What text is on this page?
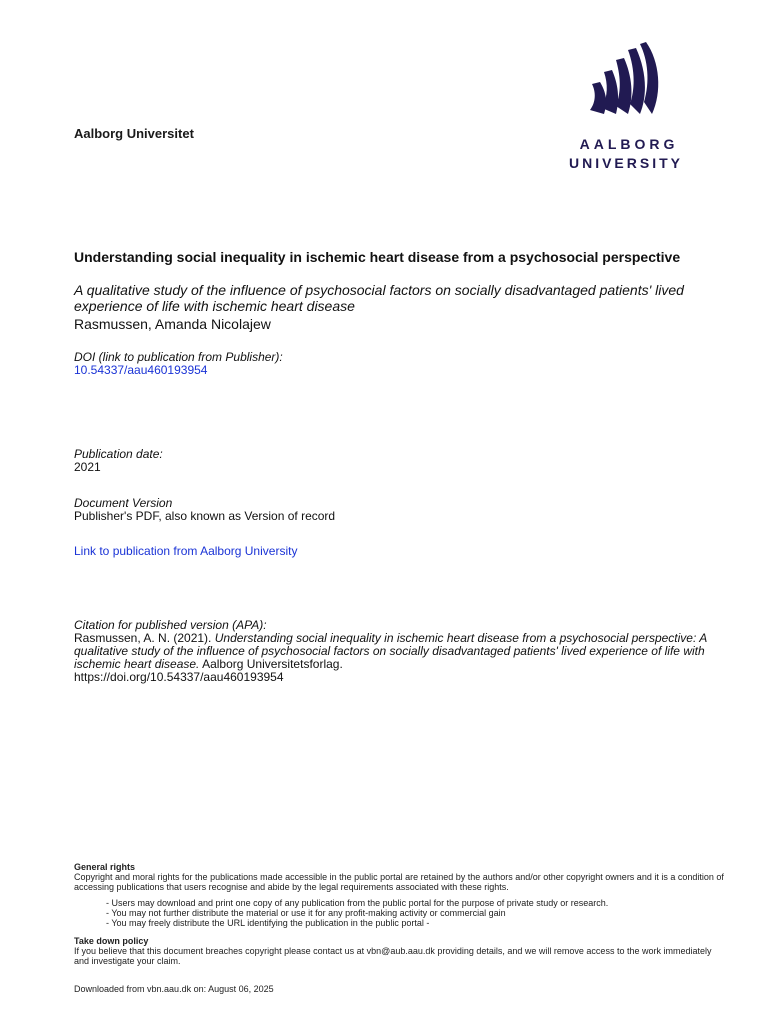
Aalborg Universitet
AALBORG
UNIVERSITY
Understanding social inequality in ischemic heart disease from a psychosocial perspective
A qualitative study of the influence of psychosocial factors on socially disadvantaged patients' lived experience of life with ischemic heart disease
Rasmussen, Amanda Nicolajew
DOI (link to publication from Publisher):
10.54337/aau460193954
Publication date:
2021
Document Version
Publisher's PDF, also known as Version of record
Link to publication from Aalborg University
Citation for published version (APA):
Rasmussen, A. N. (2021). Understanding social inequality in ischemic heart disease from a psychosocial perspective: A qualitative study of the influence of psychosocial factors on socially disadvantaged patients' lived experience of life with ischemic heart disease. Aalborg Universitetsforlag.
https://doi.org/10.54337/aau460193954
General rights
Copyright and moral rights for the publications made accessible in the public portal are retained by the authors and/or other copyright owners and it is a condition of accessing publications that users recognise and abide by the legal requirements associated with these rights.
- Users may download and print one copy of any publication from the public portal for the purpose of private study or research.
- You may not further distribute the material or use it for any profit-making activity or commercial gain
- You may freely distribute the URL identifying the publication in the public portal -
Take down policy
If you believe that this document breaches copyright please contact us at vbn@aub.aau.dk providing details, and we will remove access to the work immediately and investigate your claim.
Downloaded from vbn.aau.dk on: August 06, 2025
